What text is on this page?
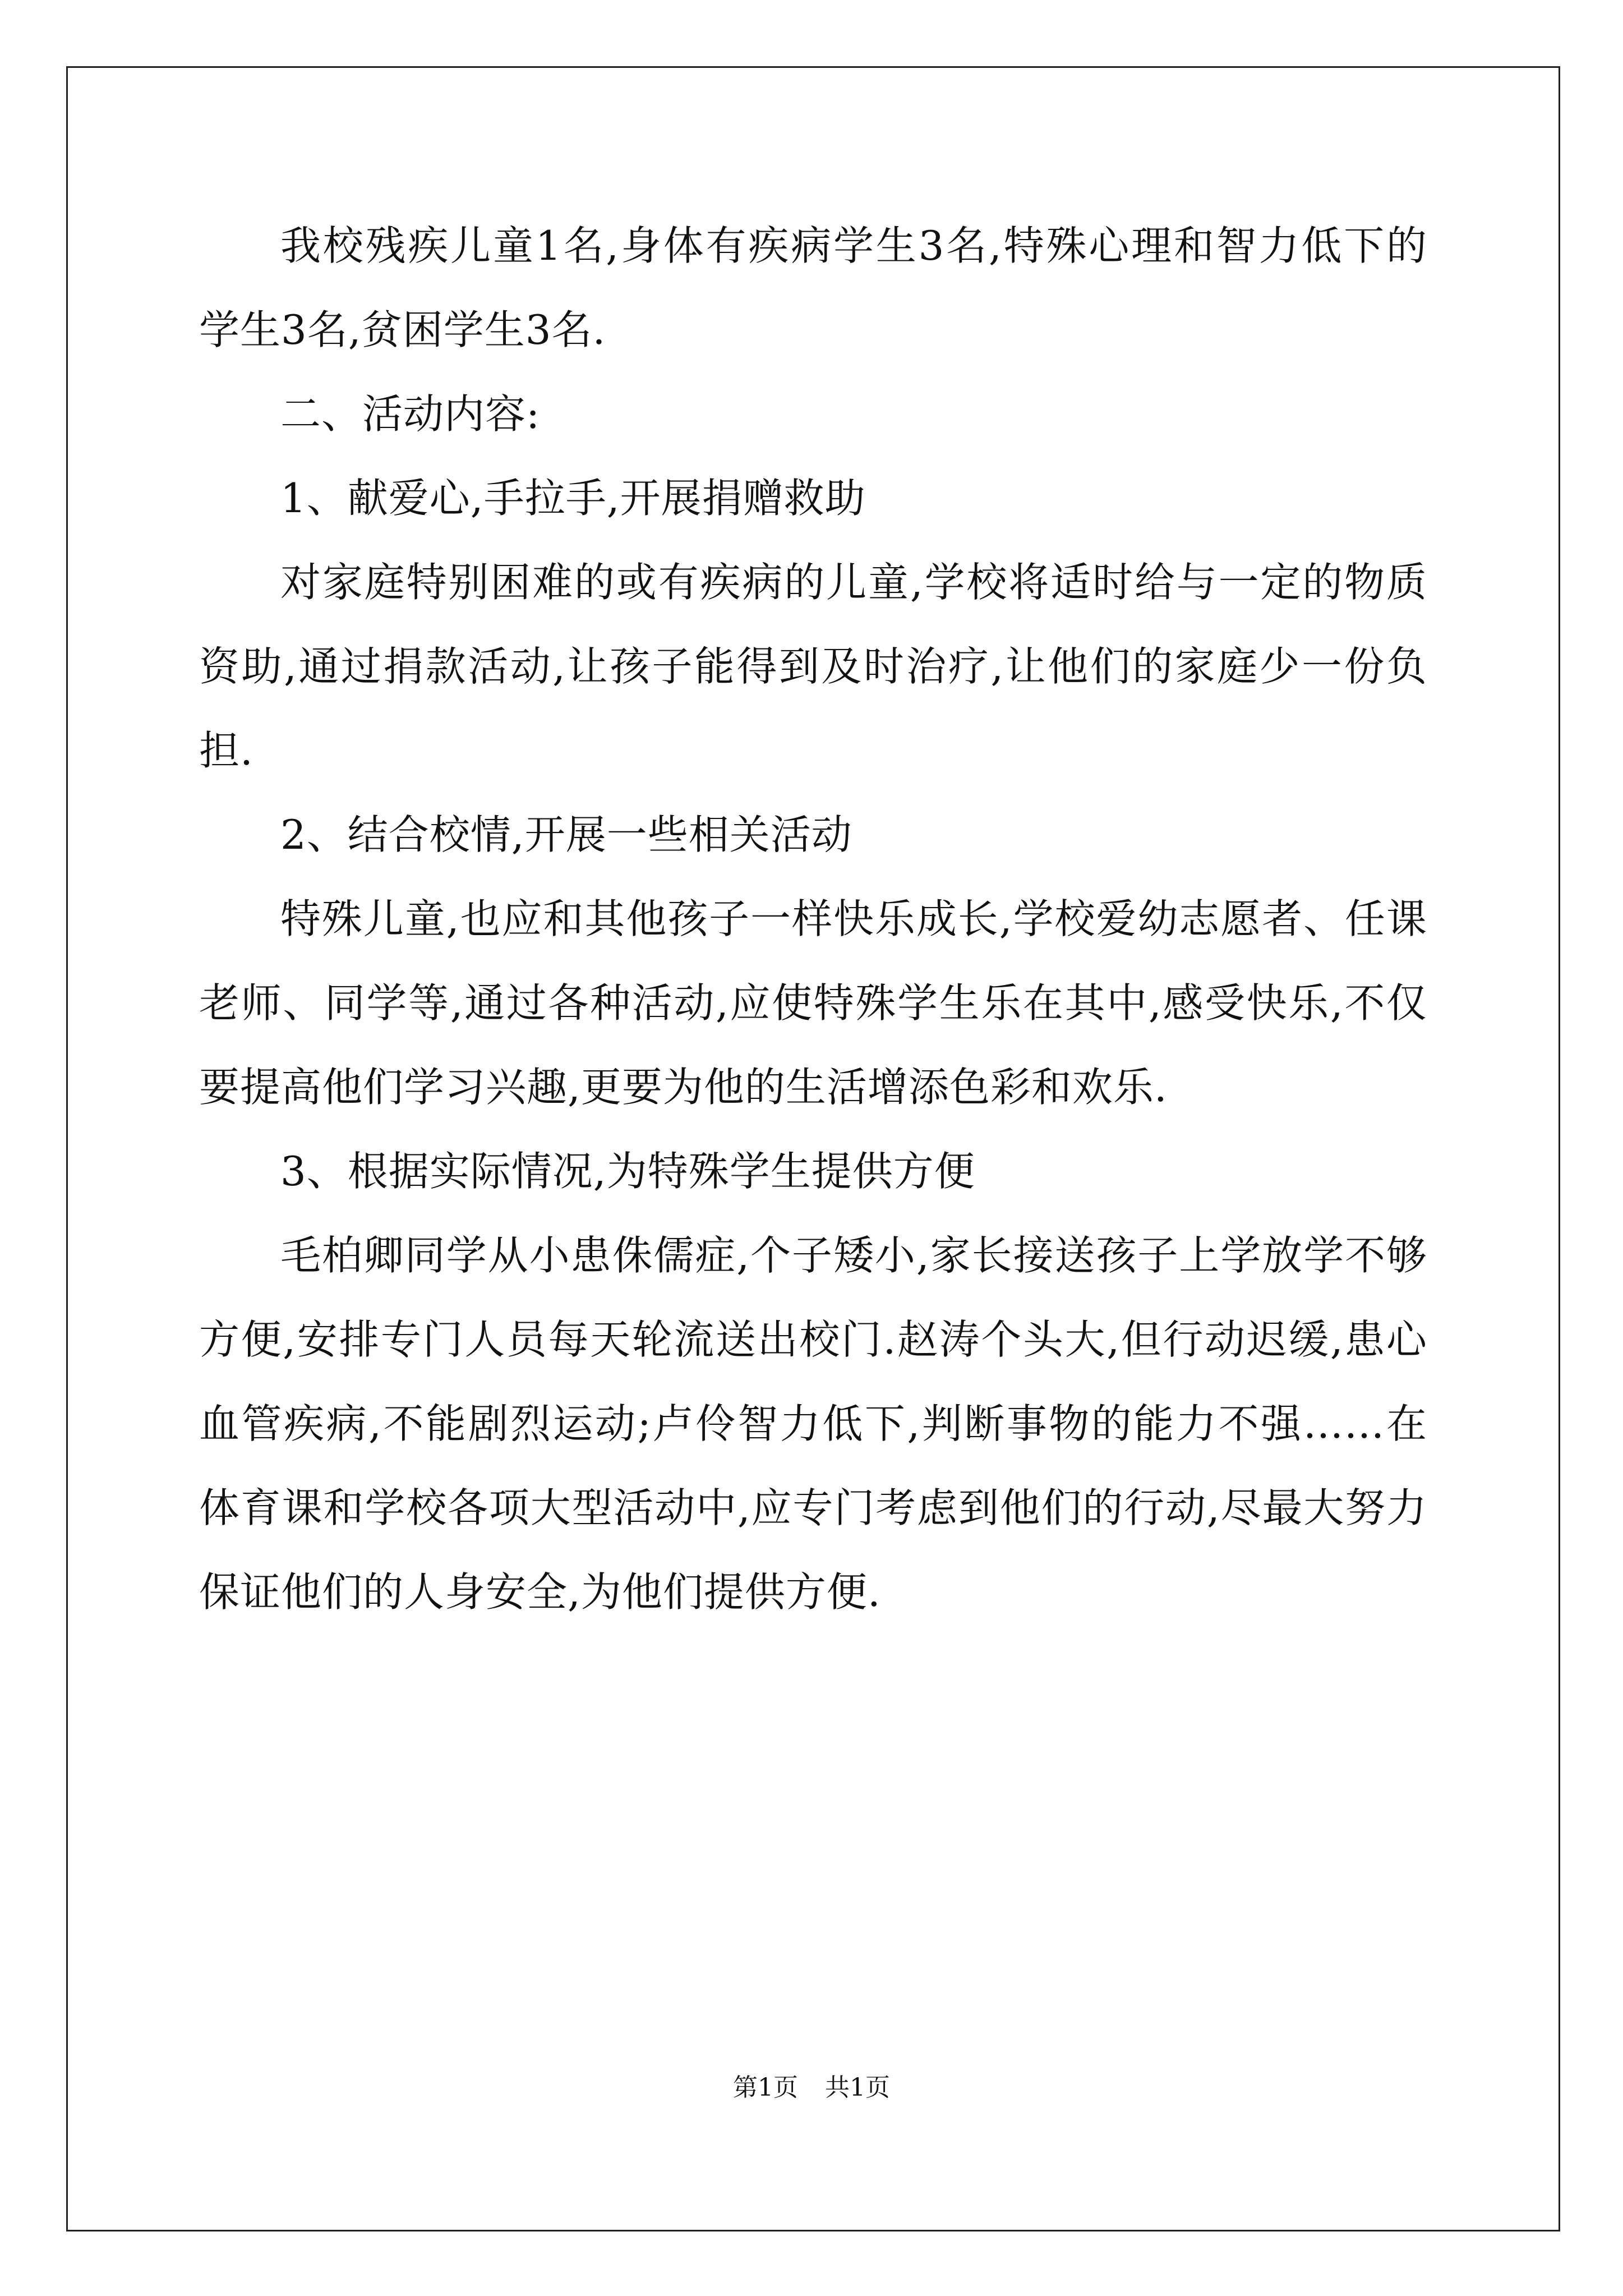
我校残疾儿童1名,身体有疾病学生3名,特殊心理和智力低下的
学生3名,贫困学生3名.
二、活动内容:
1、献爱心,手拉手,开展捐赠救助
对家庭特别困难的或有疾病的儿童,学校将适时给与一定的物质
资助,通过捐款活动,让孩子能得到及时治疗,让他们的家庭少一份负
担.
2、结合校情,开展一些相关活动
特殊儿童,也应和其他孩子一样快乐成长,学校爱幼志愿者、任课
老师、同学等,通过各种活动,应使特殊学生乐在其中,感受快乐,不仅
要提高他们学习兴趣,更要为他的生活增添色彩和欢乐.
3、根据实际情况,为特殊学生提供方便
毛柏卿同学从小患侏儒症,个子矮小,家长接送孩子上学放学不够
方便,安排专门人员每天轮流送出校门.赵涛个头大,但行动迟缓,患心
血管疾病,不能剧烈运动;卢伶智力低下,判断事物的能力不强……在
体育课和学校各项大型活动中,应专门考虑到他们的行动,尽最大努力
保证他们的人身安全,为他们提供方便.
第1页 共1页
